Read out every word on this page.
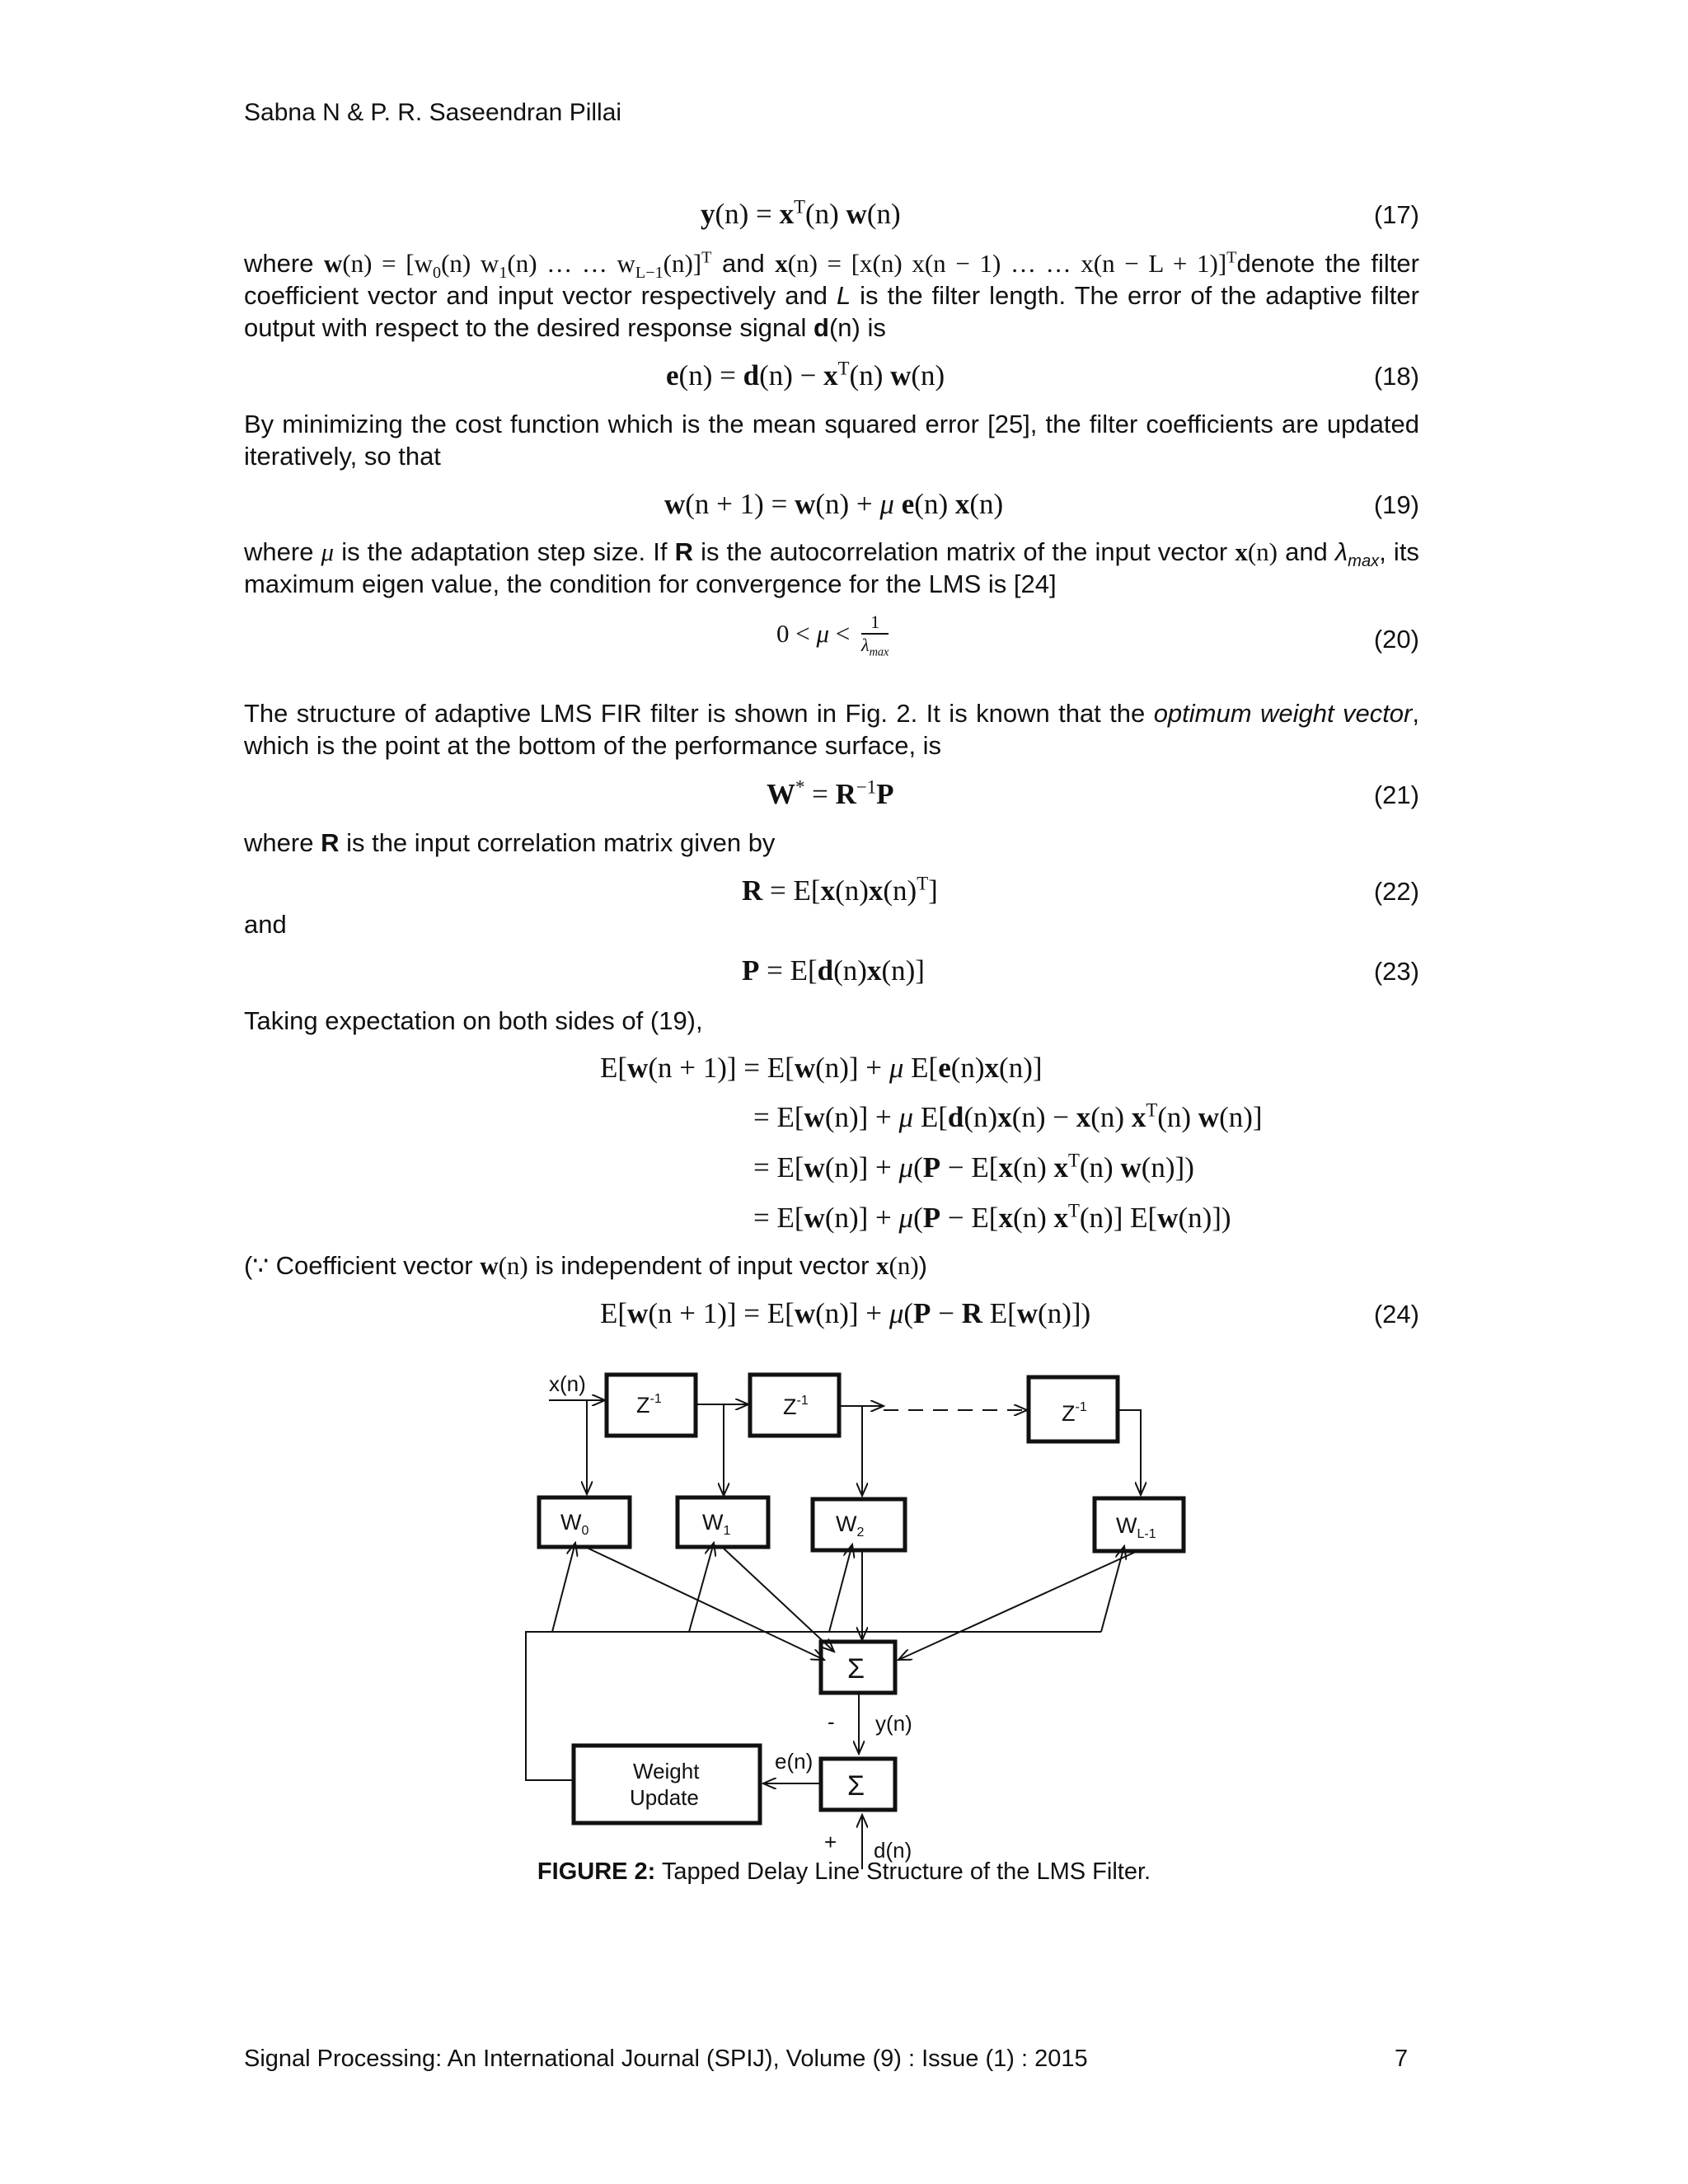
Sabna N & P. R. Saseendran Pillai
$y(n) = x^T(n)$ w(n)	(17)
where $w(n) = [w_0(n)$ $w_1(n)$ … … $w_{L-1}(n)]^T$ and x(n) = [x(n) x(n − 1) … … x(n − L + 1)]$^T$denote the filter coefficient vector and input vector respectively and L is the filter length. The error of the adaptive filter output with respect to the desired response signal d(n) is
$e(n) = d(n) - x^T(n)$ w(n)	(18)
By minimizing the cost function which is the mean squared error [25], the filter coefficients are updated iteratively, so that
w(n + 1) = w(n) + μ e(n) x(n)	(19)
where μ is the adaptation step size. If R is the autocorrelation matrix of the input vector x(n) and $\lambda_{max}$, its maximum eigen value, the condition for convergence for the LMS is [24]
0 < μ <	1
$\lambda_{max}$	(20)
The structure of adaptive LMS FIR filter is shown in Fig. 2. It is known that the optimum weight vector, which is the point at the bottom of the performance surface, is
$W^* = R^{-1}P$	(21)
where R is the input correlation matrix given by
$R = E[x(n)x(n)^T]$	(22)
and
P = E[d(n)x(n)]	(23)
Taking expectation on both sides of (19),
E[w(n + 1)] = E[w(n)] + μ E[e(n)x(n)]
= E[w(n)] + μ E[d(n)x(n) − x(n) $x^T(n)$ w(n)]
= E[w(n)] + μ(P − E[x(n) $x^T(n)$ w(n)])
= E[w(n)] + μ(P − E[x(n) $x^T(n)$] E[w(n)])
(∵ Coefficient vector w(n) is independent of input vector x(n))
E[w(n + 1)] = E[w(n)] + μ(P − R E[w(n)])	(24)
x(n)
$Z^{-1}$	$Z^{-1}$
$Z^{-1}$
$W_0$	$W_1$	$W_2$	$W_{L-1}$
Σ
Σ
- y(n)
e(n)
+ d(n)
Weight
Update
FIGURE 2: Tapped Delay Line Structure of the LMS Filter.
Signal Processing: An International Journal (SPIJ), Volume (9) : Issue (1) : 2015	7
